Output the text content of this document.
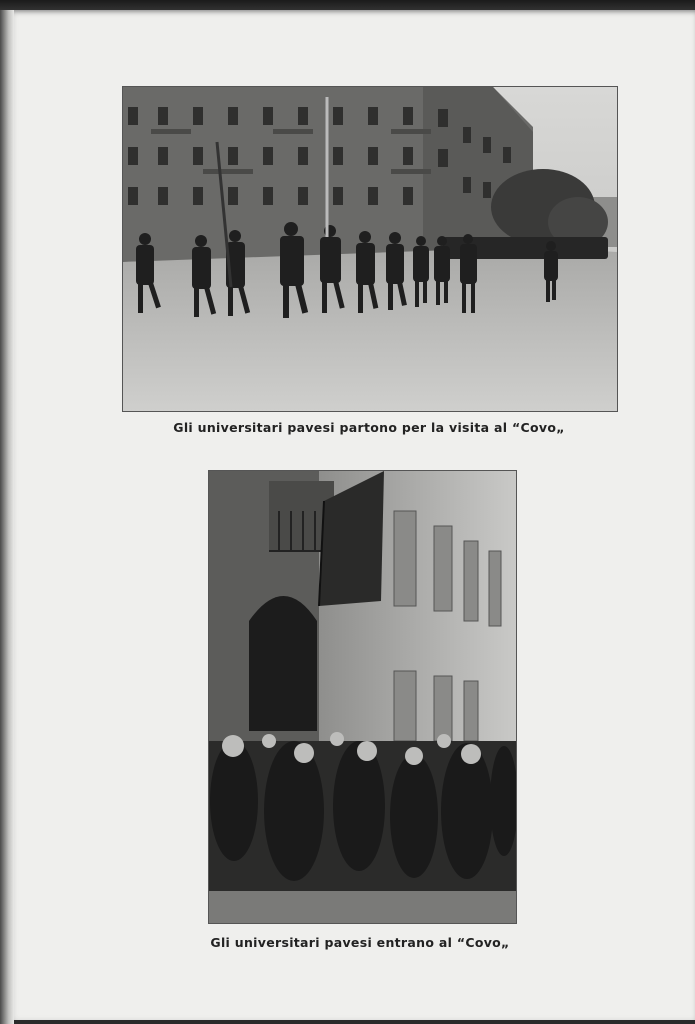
Gli universitari pavesi partono per la visita al “Covo„
Gli universitari pavesi entrano al “Covo„
